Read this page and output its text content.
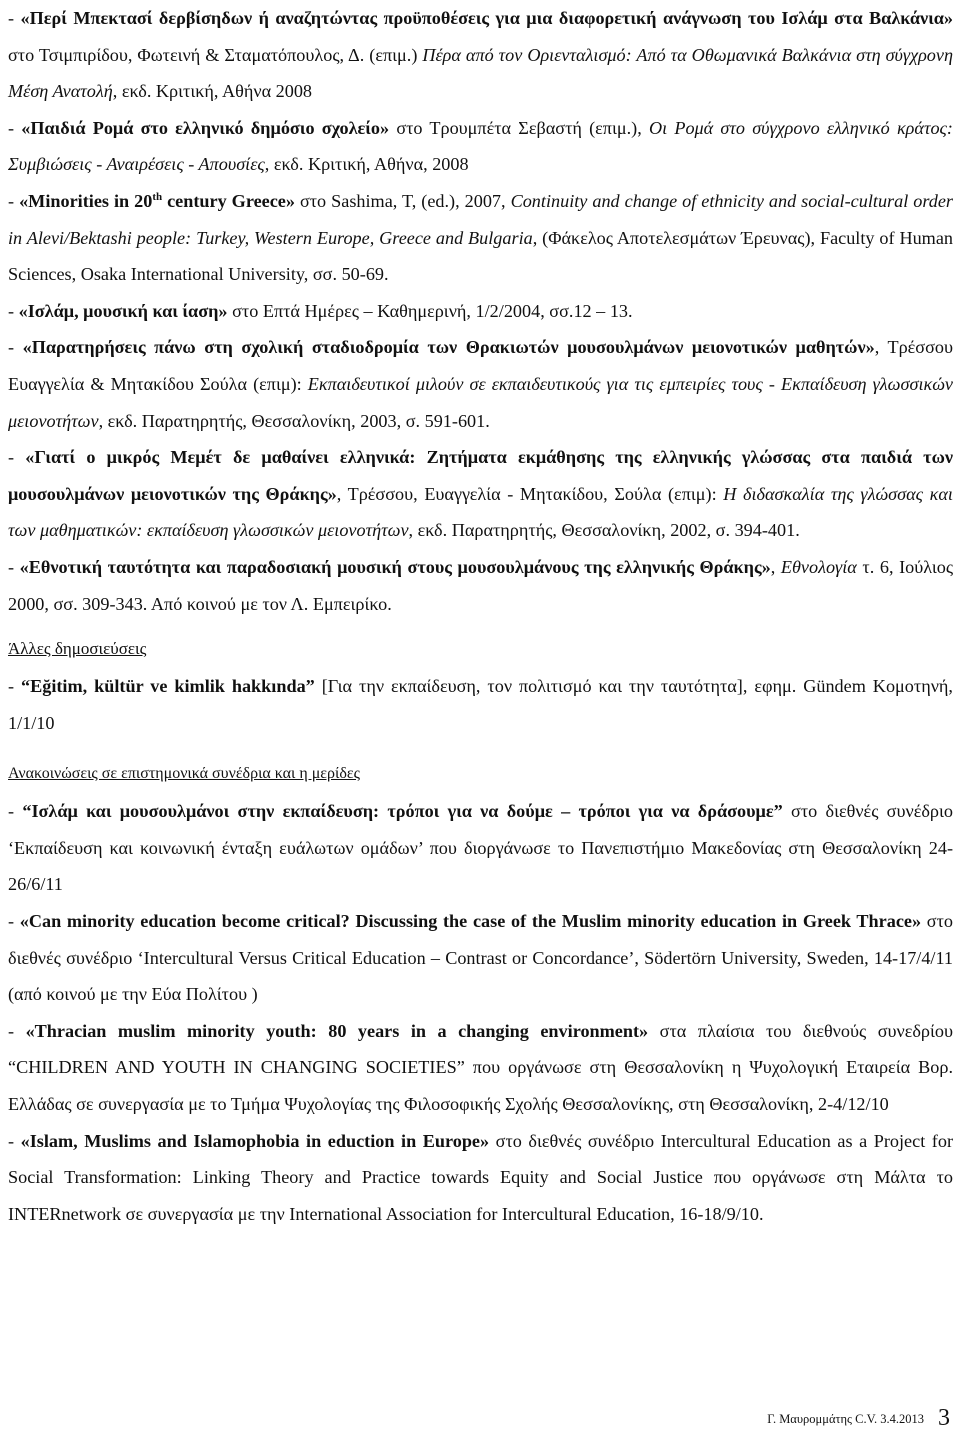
- «Περί Μπεκτασί δερβίσηδων ή αναζητώντας προϋποθέσεις για μια διαφορετική ανάγνωση του Ισλάμ στα Βαλκάνια» στο Τσιμπιρίδου, Φωτεινή & Σταματόπουλος, Δ. (επιμ.) Πέρα από τον Οριενταλισμό: Από τα Οθωμανικά Βαλκάνια στη σύγχρονη Μέση Ανατολή, εκδ. Κριτική, Αθήνα 2008

- «Παιδιά Ρομά στο ελληνικό δημόσιο σχολείο» στο Τρουμπέτα Σεβαστή (επιμ.), Οι Ρομά στο σύγχρονο ελληνικό κράτος: Συμβιώσεις - Αναιρέσεις - Απουσίες, εκδ. Κριτική, Αθήνα, 2008

- «Minorities in 20th century Greece» στο Sashima, T, (ed.), 2007, Continuity and change of ethnicity and social-cultural order in Alevi/Bektashi people: Turkey, Western Europe, Greece and Bulgaria, (Φάκελος Αποτελεσμάτων Έρευνας), Faculty of Human Sciences, Osaka International University, σσ. 50-69.

- «Ισλάμ, μουσική και ίαση» στο Επτά Ημέρες – Καθημερινή, 1/2/2004, σσ.12 – 13.

- «Παρατηρήσεις πάνω στη σχολική σταδιοδρομία των Θρακιωτών μουσουλμάνων μειονοτικών μαθητών», Τρέσσου Ευαγγελία & Μητακίδου Σούλα (επιμ): Εκπαιδευτικοί μιλούν σε εκπαιδευτικούς για τις εμπειρίες τους - Εκπαίδευση γλωσσικών μειονοτήτων, εκδ. Παρατηρητής, Θεσσαλονίκη, 2003, σ. 591-601.

- «Γιατί ο μικρός Μεμέτ δε μαθαίνει ελληνικά: Ζητήματα εκμάθησης της ελληνικής γλώσσας στα παιδιά των μουσουλμάνων μειονοτικών της Θράκης», Τρέσσου, Ευαγγελία - Μητακίδου, Σούλα (επιμ): Η διδασκαλία της γλώσσας και των μαθηματικών: εκπαίδευση γλωσσικών μειονοτήτων, εκδ. Παρατηρητής, Θεσσαλονίκη, 2002, σ. 394-401.

- «Εθνοτική ταυτότητα και παραδοσιακή μουσική στους μουσουλμάνους της ελληνικής Θράκης», Εθνολογία τ. 6, Ιούλιος 2000, σσ. 309-343. Από κοινού με τον Λ. Εμπειρίκο.

Άλλες δημοσιεύσεις

- “Eğitim, kültür ve kimlik hakkında” [Για την εκπαίδευση, τον πολιτισμό και την ταυτότητα], εφημ. Gündem Κομοτηνή, 1/1/10

Ανακοινώσεις σε επιστημονικά συνέδρια και η μερίδες

- “Ισλάμ και μουσουλμάνοι στην εκπαίδευση: τρόποι για να δούμε – τρόποι για να δράσουμε” στο διεθνές συνέδριο ‘Εκπαίδευση και κοινωνική ένταξη ευάλωτων ομάδων’ που διοργάνωσε το Πανεπιστήμιο Μακεδονίας στη Θεσσαλονίκη 24-26/6/11

- «Can minority education become critical? Discussing the case of the Muslim minority education in Greek Thrace» στο διεθνές συνέδριο ‘Intercultural Versus Critical Education – Contrast or Concordance’, Södertörn University, Sweden, 14-17/4/11 (από κοινού με την Εύα Πολίτου )

- «Thracian muslim minority youth: 80 years in a changing environment» στα πλαίσια του διεθνούς συνεδρίου “CHILDREN AND YOUTH IN CHANGING SOCIETIES” που οργάνωσε στη Θεσσαλονίκη η Ψυχολογική Εταιρεία Βορ. Ελλάδας σε συνεργασία με το Τμήμα Ψυχολογίας της Φιλοσοφικής Σχολής Θεσσαλονίκης, στη Θεσσαλονίκη, 2-4/12/10

- «Islam, Muslims and Islamophobia in eduction in Europe» στο διεθνές συνέδριο Intercultural Education as a Project for Social Transformation: Linking Theory and Practice towards Equity and Social Justice που οργάνωσε στη Μάλτα το INTERnetwork σε συνεργασία με την International Association for Intercultural Education, 16-18/9/10.

Γ. Μαυρομμάτης C.V. 3.4.2013 3
